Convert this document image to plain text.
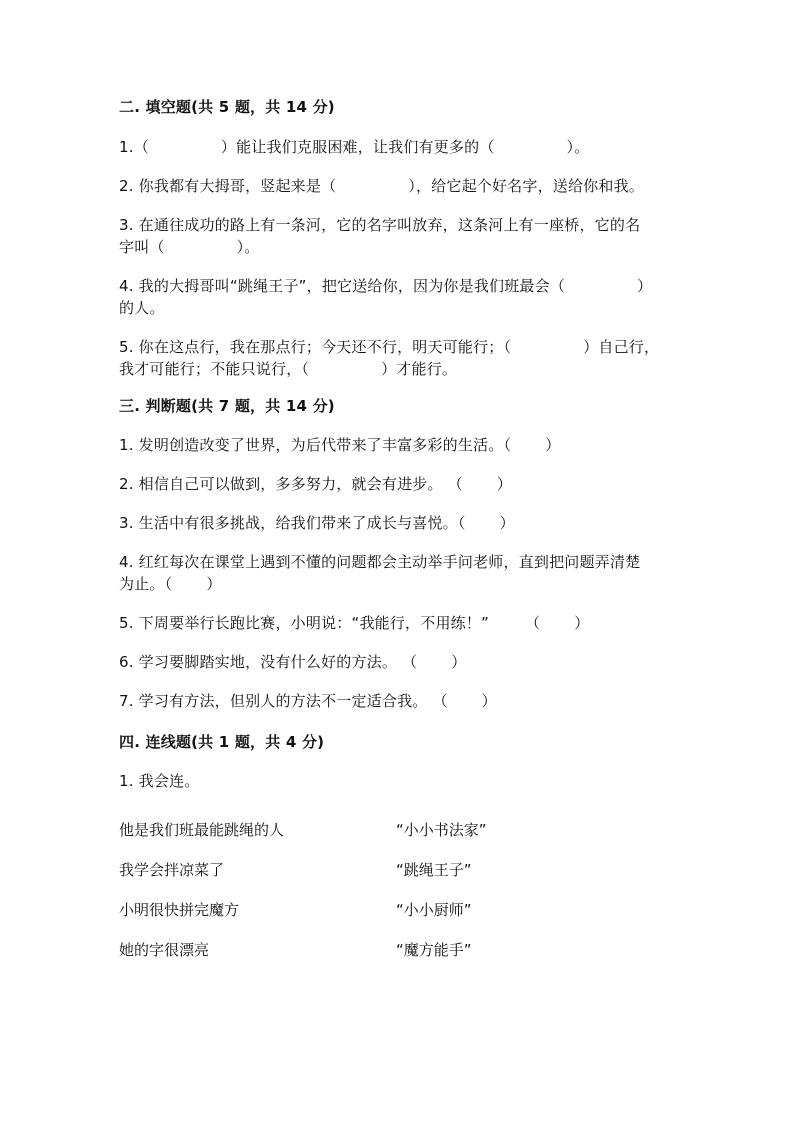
二. 填空题(共 5 题，共 14 分)
1.（	）能让我们克服困难，让我们有更多的（	）。
2. 你我都有大拇哥，竖起来是（	），给它起个好名字，送给你和我。
3. 在通往成功的路上有一条河，它的名字叫放弃，这条河上有一座桥，它的名
字叫（	）。
4. 我的大拇哥叫“跳绳王子”，把它送给你，因为你是我们班最会（	）
的人。
5. 你在这点行，我在那点行；今天还不行，明天可能行；（	）自己行，
我才可能行；不能只说行，（	）才能行。
三. 判断题(共 7 题，共 14 分)
1. 发明创造改变了世界，为后代带来了丰富多彩的生活。（ ）
2. 相信自己可以做到，多多努力，就会有进步。 （ ）
3. 生活中有很多挑战，给我们带来了成长与喜悦。（ ）
4. 红红每次在课堂上遇到不懂的问题都会主动举手问老师，直到把问题弄清楚
为止。（ ）
5. 下周要举行长跑比赛，小明说：“我能行，不用练！” （ ）
6. 学习要脚踏实地，没有什么好的方法。 （ ）
7. 学习有方法，但别人的方法不一定适合我。 （ ）
四. 连线题(共 1 题，共 4 分)
1. 我会连。
他是我们班最能跳绳的人	“小小书法家”
我学会拌凉菜了	“跳绳王子”
小明很快拼完魔方	“小小厨师”
她的字很漂亮	“魔方能手”
